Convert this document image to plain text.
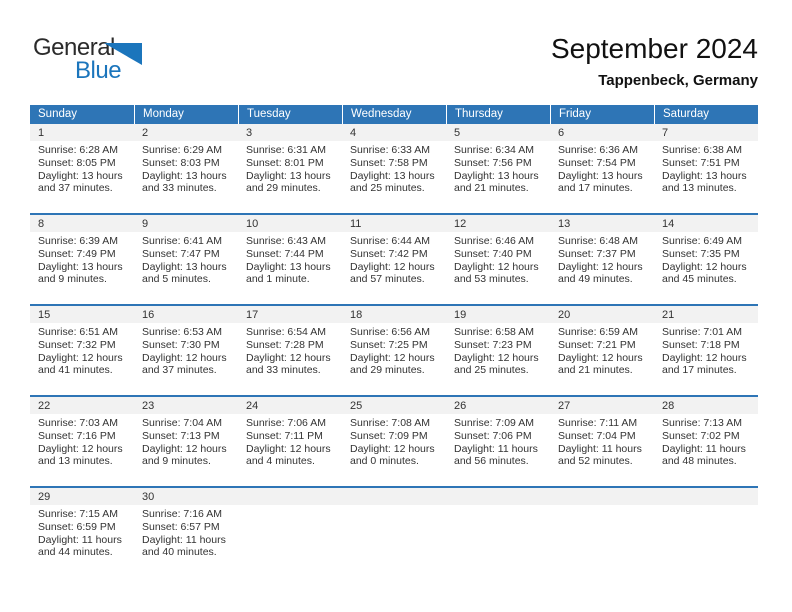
General
Blue
September 2024
Tappenbeck, Germany
Sunday	Monday	Tuesday	Wednesday	Thursday	Friday	Saturday
1	2	3	4	5	6	7
Sunrise: 6:28 AM
Sunset: 8:05 PM
Daylight: 13 hours
and 37 minutes.
Sunrise: 6:29 AM
Sunset: 8:03 PM
Daylight: 13 hours
and 33 minutes.
Sunrise: 6:31 AM
Sunset: 8:01 PM
Daylight: 13 hours
and 29 minutes.
Sunrise: 6:33 AM
Sunset: 7:58 PM
Daylight: 13 hours
and 25 minutes.
Sunrise: 6:34 AM
Sunset: 7:56 PM
Daylight: 13 hours
and 21 minutes.
Sunrise: 6:36 AM
Sunset: 7:54 PM
Daylight: 13 hours
and 17 minutes.
Sunrise: 6:38 AM
Sunset: 7:51 PM
Daylight: 13 hours
and 13 minutes.
8	9	10	11	12	13	14
Sunrise: 6:39 AM
Sunset: 7:49 PM
Daylight: 13 hours
and 9 minutes.
Sunrise: 6:41 AM
Sunset: 7:47 PM
Daylight: 13 hours
and 5 minutes.
Sunrise: 6:43 AM
Sunset: 7:44 PM
Daylight: 13 hours
and 1 minute.
Sunrise: 6:44 AM
Sunset: 7:42 PM
Daylight: 12 hours
and 57 minutes.
Sunrise: 6:46 AM
Sunset: 7:40 PM
Daylight: 12 hours
and 53 minutes.
Sunrise: 6:48 AM
Sunset: 7:37 PM
Daylight: 12 hours
and 49 minutes.
Sunrise: 6:49 AM
Sunset: 7:35 PM
Daylight: 12 hours
and 45 minutes.
15	16	17	18	19	20	21
Sunrise: 6:51 AM
Sunset: 7:32 PM
Daylight: 12 hours
and 41 minutes.
Sunrise: 6:53 AM
Sunset: 7:30 PM
Daylight: 12 hours
and 37 minutes.
Sunrise: 6:54 AM
Sunset: 7:28 PM
Daylight: 12 hours
and 33 minutes.
Sunrise: 6:56 AM
Sunset: 7:25 PM
Daylight: 12 hours
and 29 minutes.
Sunrise: 6:58 AM
Sunset: 7:23 PM
Daylight: 12 hours
and 25 minutes.
Sunrise: 6:59 AM
Sunset: 7:21 PM
Daylight: 12 hours
and 21 minutes.
Sunrise: 7:01 AM
Sunset: 7:18 PM
Daylight: 12 hours
and 17 minutes.
22	23	24	25	26	27	28
Sunrise: 7:03 AM
Sunset: 7:16 PM
Daylight: 12 hours
and 13 minutes.
Sunrise: 7:04 AM
Sunset: 7:13 PM
Daylight: 12 hours
and 9 minutes.
Sunrise: 7:06 AM
Sunset: 7:11 PM
Daylight: 12 hours
and 4 minutes.
Sunrise: 7:08 AM
Sunset: 7:09 PM
Daylight: 12 hours
and 0 minutes.
Sunrise: 7:09 AM
Sunset: 7:06 PM
Daylight: 11 hours
and 56 minutes.
Sunrise: 7:11 AM
Sunset: 7:04 PM
Daylight: 11 hours
and 52 minutes.
Sunrise: 7:13 AM
Sunset: 7:02 PM
Daylight: 11 hours
and 48 minutes.
29	30
Sunrise: 7:15 AM
Sunset: 6:59 PM
Daylight: 11 hours
and 44 minutes.
Sunrise: 7:16 AM
Sunset: 6:57 PM
Daylight: 11 hours
and 40 minutes.
